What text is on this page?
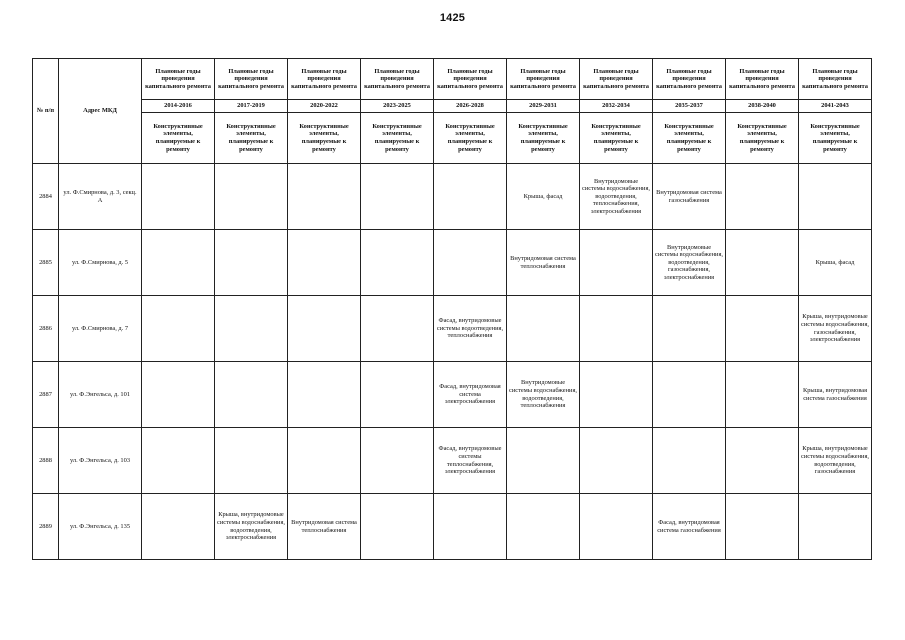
1425
№ п/п	Адрес МКД	Плановые годы проведения капитального ремонта	Плановые годы проведения капитального ремонта	Плановые годы проведения капитального ремонта	Плановые годы проведения капитального ремонта	Плановые годы проведения капитального ремонта	Плановые годы проведения капитального ремонта	Плановые годы проведения капитального ремонта	Плановые годы проведения капитального ремонта	Плановые годы проведения капитального ремонта	Плановые годы проведения капитального ремонта
		2014-2016	2017-2019	2020-2022	2023-2025	2026-2028	2029-2031	2032-2034	2035-2037	2038-2040	2041-2043
		Конструктивные элементы, планируемые к ремонту	Конструктивные элементы, планируемые к ремонту	Конструктивные элементы, планируемые к ремонту	Конструктивные элементы, планируемые к ремонту	Конструктивные элементы, планируемые к ремонту	Конструктивные элементы, планируемые к ремонту	Конструктивные элементы, планируемые к ремонту	Конструктивные элементы, планируемые к ремонту	Конструктивные элементы, планируемые к ремонту	Конструктивные элементы, планируемые к ремонту
2884	ул. Ф.Смирнова, д. 3, секц. А						Крыша, фасад	Внутридомовые системы водоснабжения, водоотведения, теплоснабжения, электроснабжения	Внутридомовая система газоснабжения		
2885	ул. Ф.Смирнова, д. 5						Внутридомовая система теплоснабжения		Внутридомовые системы водоснабжения, водоотведения, газоснабжения, электроснабжения		Крыша, фасад
2886	ул. Ф.Смирнова, д. 7					Фасад, внутридомовые системы водоотведения, теплоснабжения					Крыша, внутридомовые системы водоснабжения, газоснабжения, электроснабжения
2887	ул. Ф.Энгельса, д. 101					Фасад, внутридомовая система электроснабжения	Внутридомовые системы водоснабжения, водоотведения, теплоснабжения				Крыша, внутридомовая система газоснабжения
2888	ул. Ф.Энгельса, д. 103					Фасад, внутридомовые системы теплоснабжения, электроснабжения					Крыша, внутридомовые системы водоснабжения, водоотведения, газоснабжения
2889	ул. Ф.Энгельса, д. 135		Крыша, внутридомовые системы водоснабжения, водоотведения, электроснабжения	Внутридомовая система теплоснабжения					Фасад, внутридомовая система газоснабжения		
